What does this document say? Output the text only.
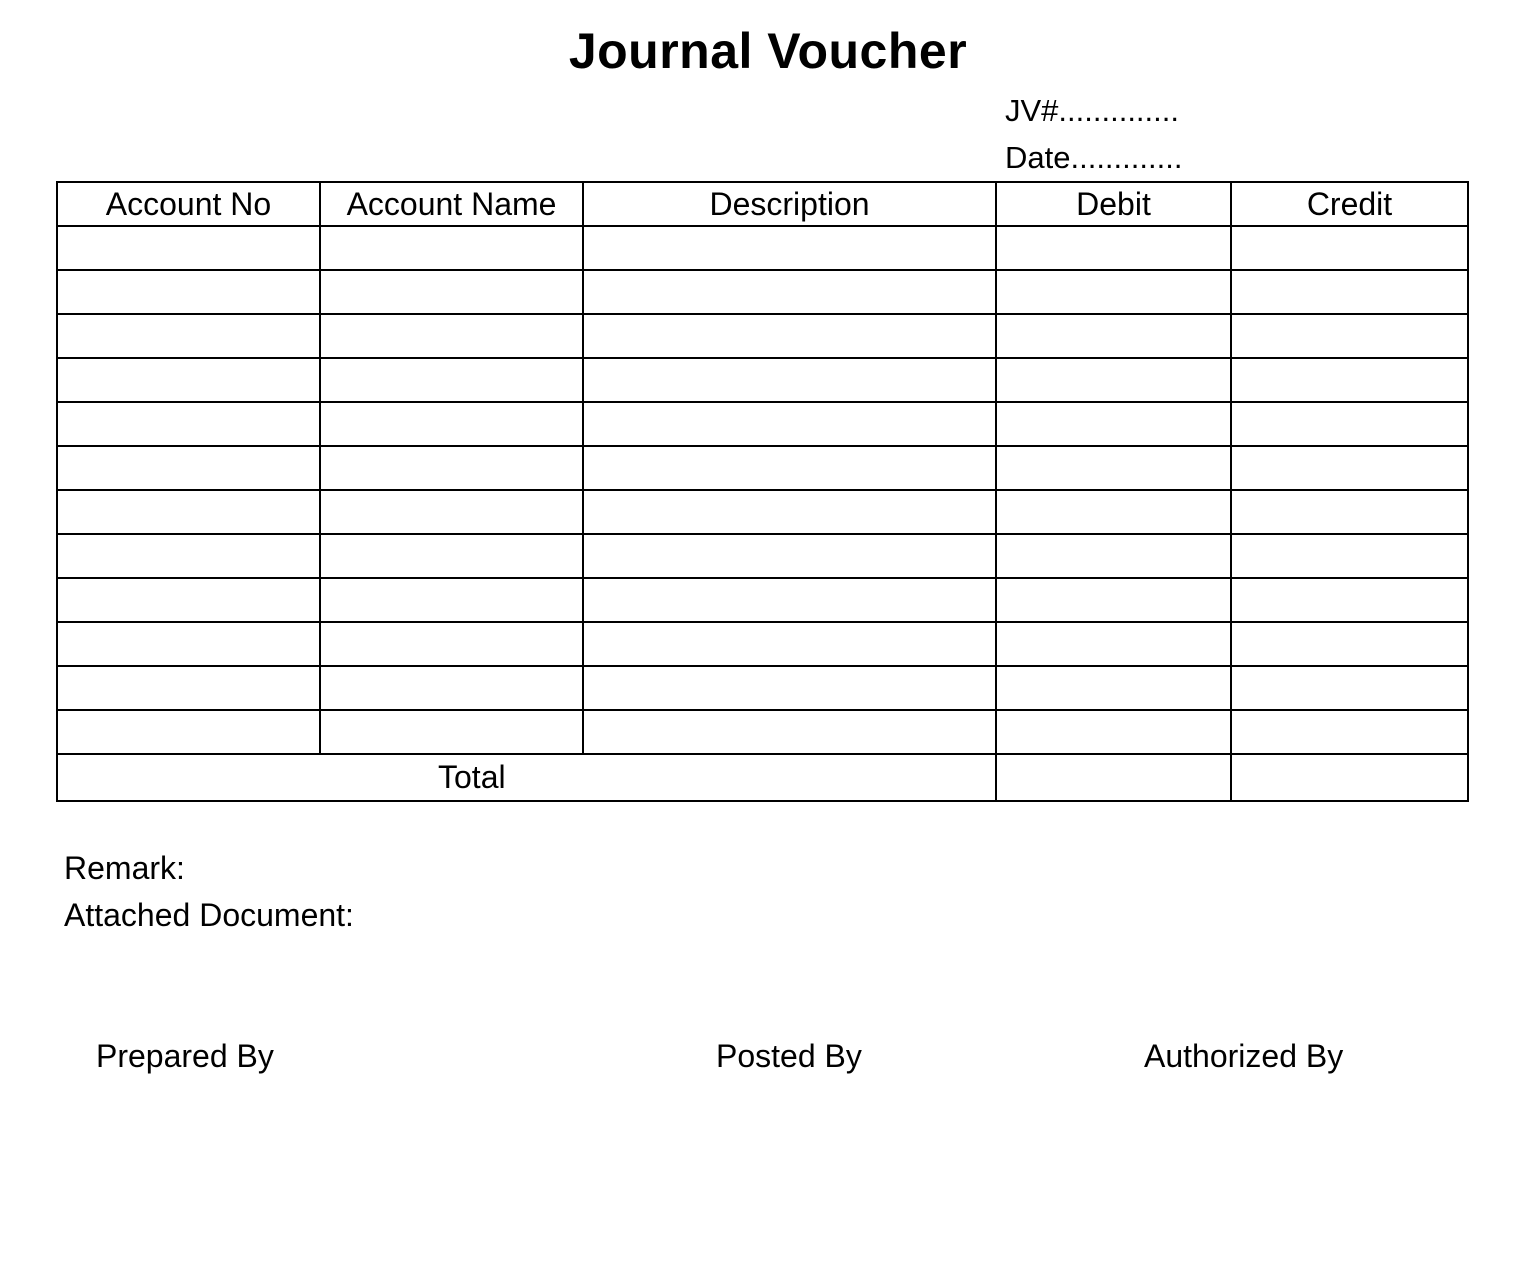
Journal Voucher
JV#..............
Date.............
Account No	Account Name	Description	Debit	Credit

Total				
Remark:
Attached Document:
Prepared By	Posted By	Authorized By
